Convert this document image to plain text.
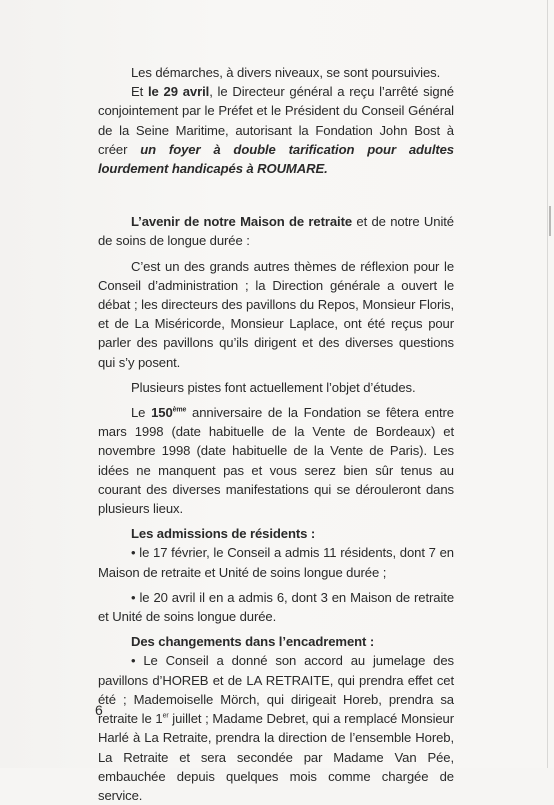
Les démarches, à divers niveaux, se sont poursuivies.

Et le 29 avril, le Directeur général a reçu l’arrêté signé conjointement par le Préfet et le Président du Conseil Général de la Seine Maritime, autorisant la Fondation John Bost à créer un foyer à double tarification pour adultes lourdement handicapés à ROUMARE.

L’avenir de notre Maison de retraite et de notre Unité de soins de longue durée :

C’est un des grands autres thèmes de réflexion pour le Conseil d’administration ; la Direction générale a ouvert le débat ; les directeurs des pavillons du Repos, Monsieur Floris, et de La Miséricorde, Monsieur Laplace, ont été reçus pour parler des pavillons qu’ils dirigent et des diverses questions qui s’y posent.

Plusieurs pistes font actuellement l’objet d’études.

Le 150ème anniversaire de la Fondation se fêtera entre mars 1998 (date habituelle de la Vente de Bordeaux) et novembre 1998 (date habituelle de la Vente de Paris). Les idées ne manquent pas et vous serez bien sûr tenus au courant des diverses manifestations qui se dérouleront dans plusieurs lieux.

Les admissions de résidents :

• le 17 février, le Conseil a admis 11 résidents, dont 7 en Maison de retraite et Unité de soins longue durée ;

• le 20 avril il en a admis 6, dont 3 en Maison de retraite et Unité de soins longue durée.

Des changements dans l’encadrement :

• Le Conseil a donné son accord au jumelage des pavillons d’HOREB et de LA RETRAITE, qui prendra effet cet été ; Mademoiselle Mörch, qui dirigeait Horeb, prendra sa retraite le 1er juillet ; Madame Debret, qui a remplacé Monsieur Harlé à La Retraite, prendra la direction de l’ensemble Horeb, La Retraite et sera secondée par Madame Van Pée, embauchée depuis quelques mois comme chargée de service.

6
